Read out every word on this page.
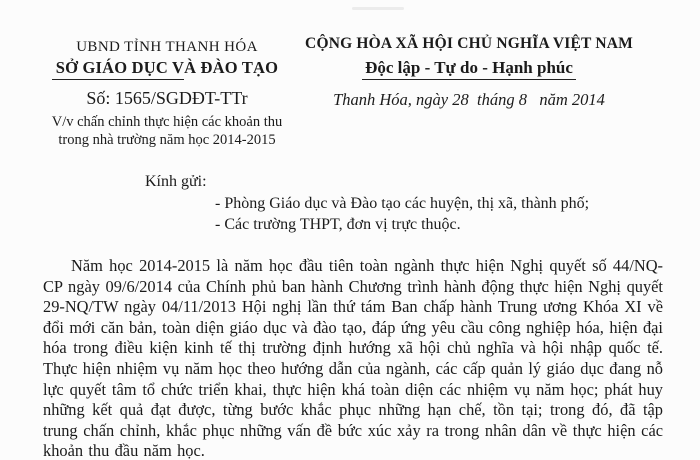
UBND TỈNH THANH HÓA
SỞ GIÁO DỤC VÀ ĐÀO TẠO
Số: 1565/SGDĐT-TTr
V/v chấn chỉnh thực hiện các khoản thu
trong nhà trường năm học 2014-2015
CỘNG HÒA XÃ HỘI CHỦ NGHĨA VIỆT NAM
Độc lập - Tự do - Hạnh phúc
Thanh Hóa, ngày 28  tháng 8   năm 2014
Kính gửi:
- Phòng Giáo dục và Đào tạo các huyện, thị xã, thành phố;
- Các trường THPT, đơn vị trực thuộc.

Năm học 2014-2015 là năm học đầu tiên toàn ngành thực hiện Nghị quyết số 44/NQ-CP ngày 09/6/2014 của Chính phủ ban hành Chương trình hành động thực hiện Nghị quyết 29-NQ/TW ngày 04/11/2013 Hội nghị lần thứ tám Ban chấp hành Trung ương Khóa XI về đổi mới căn bản, toàn diện giáo dục và đào tạo, đáp ứng yêu cầu công nghiệp hóa, hiện đại hóa trong điều kiện kinh tế thị trường định hướng xã hội chủ nghĩa và hội nhập quốc tế. Thực hiện nhiệm vụ năm học theo hướng dẫn của ngành, các cấp quản lý giáo dục đang nỗ lực quyết tâm tổ chức triển khai, thực hiện khá toàn diện các nhiệm vụ năm học; phát huy những kết quả đạt được, từng bước khắc phục những hạn chế, tồn tại; trong đó, đã tập trung chấn chỉnh, khắc phục những vấn đề bức xúc xảy ra trong nhân dân về thực hiện các khoản thu đầu năm học.
